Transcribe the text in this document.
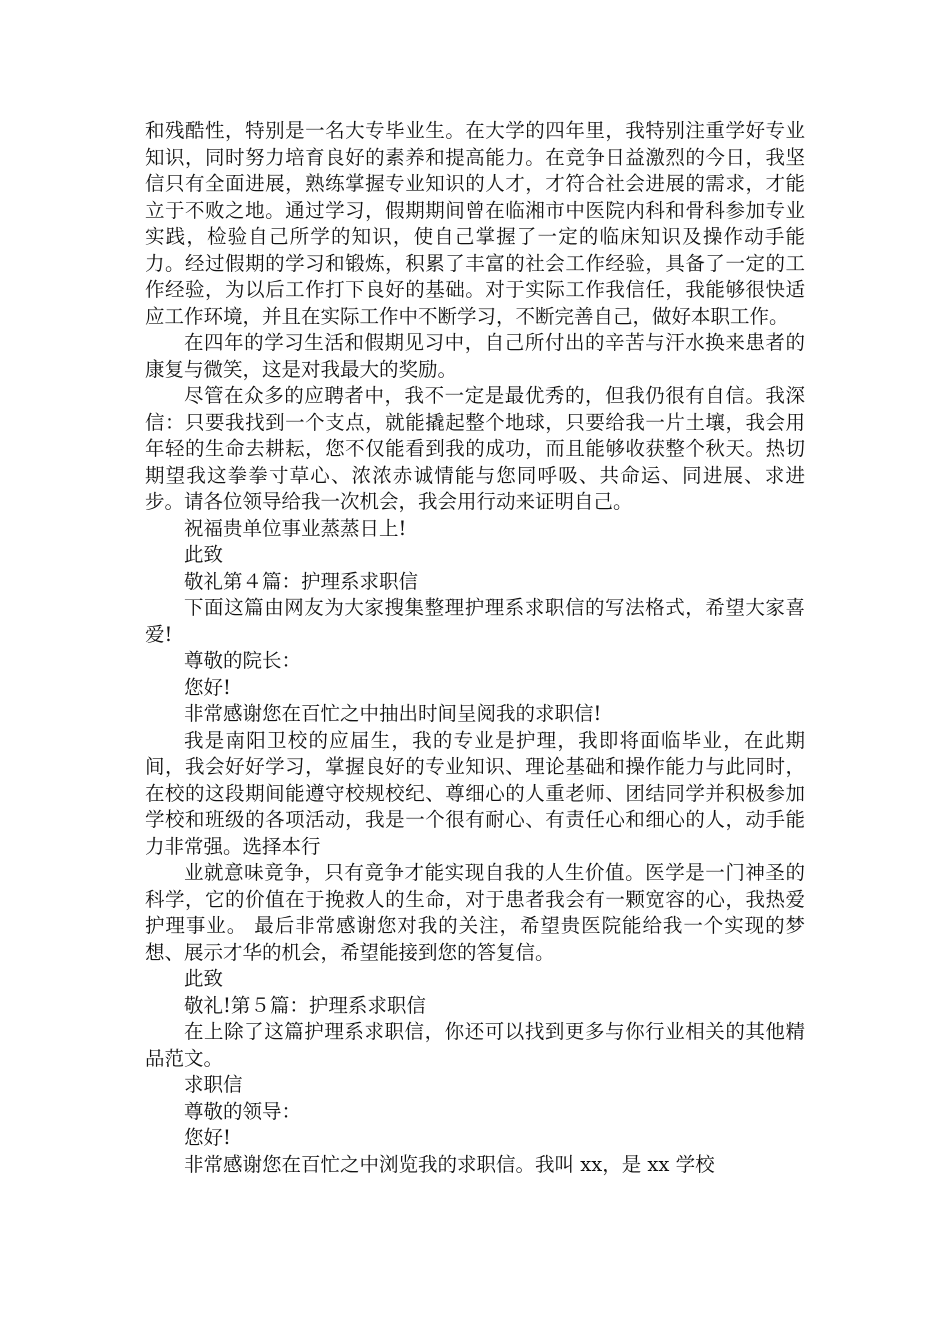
和残酷性，特别是一名大专毕业生。在大学的四年里，我特别注重学好专业知识，同时努力培育良好的素养和提高能力。在竞争日益激烈的今日，我坚信只有全面进展，熟练掌握专业知识的人才，才符合社会进展的需求，才能立于不败之地。通过学习，假期期间曾在临湘市中医院内科和骨科参加专业实践，检验自己所学的知识，使自己掌握了一定的临床知识及操作动手能力。经过假期的学习和锻炼，积累了丰富的社会工作经验，具备了一定的工作经验，为以后工作打下良好的基础。对于实际工作我信任，我能够很快适应工作环境，并且在实际工作中不断学习，不断完善自己，做好本职工作。

在四年的学习生活和假期见习中，自己所付出的辛苦与汗水换来患者的康复与微笑，这是对我最大的奖励。

尽管在众多的应聘者中，我不一定是最优秀的，但我仍很有自信。我深信：只要我找到一个支点，就能撬起整个地球，只要给我一片土壤，我会用年轻的生命去耕耘，您不仅能看到我的成功，而且能够收获整个秋天。热切期望我这拳拳寸草心、浓浓赤诚情能与您同呼吸、共命运、同进展、求进步。请各位领导给我一次机会，我会用行动来证明自己。

祝福贵单位事业蒸蒸日上!

此致

敬礼第４篇：护理系求职信

下面这篇由网友为大家搜集整理护理系求职信的写法格式，希望大家喜爱!

尊敬的院长：

您好!

非常感谢您在百忙之中抽出时间呈阅我的求职信!

我是南阳卫校的应届生，我的专业是护理，我即将面临毕业，在此期间，我会好好学习，掌握良好的专业知识、理论基础和操作能力与此同时，在校的这段期间能遵守校规校纪、尊细心的人重老师、团结同学并积极参加学校和班级的各项活动，我是一个很有耐心、有责任心和细心的人，动手能力非常强。选择本行

业就意味竟争，只有竟争才能实现自我的人生价值。医学是一门神圣的科学，它的价值在于挽救人的生命，对于患者我会有一颗宽容的心，我热爱护理事业。 最后非常感谢您对我的关注，希望贵医院能给我一个实现的梦想、展示才华的机会，希望能接到您的答复信。

此致

敬礼!第５篇：护理系求职信

在上除了这篇护理系求职信，你还可以找到更多与你行业相关的其他精品范文。

求职信

尊敬的领导：

您好!

非常感谢您在百忙之中浏览我的求职信。我叫 xx，是 xx 学校
